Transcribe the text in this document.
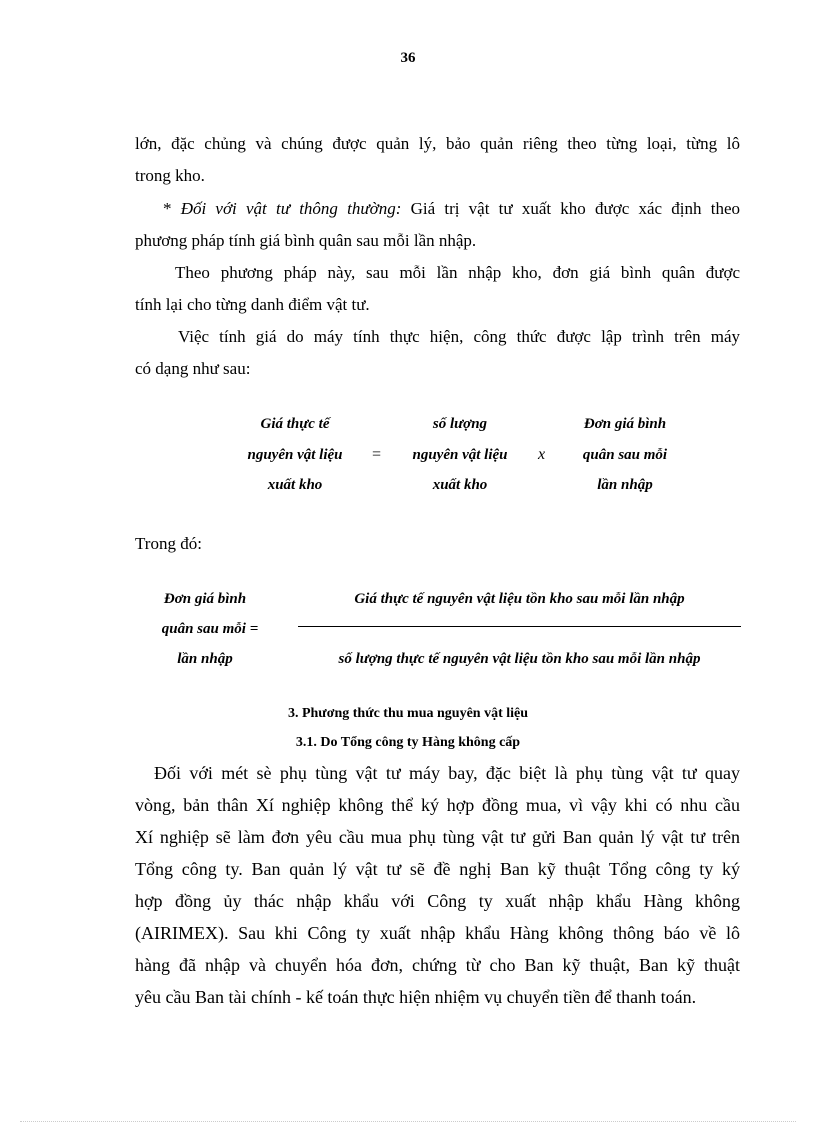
36
lớn, đặc chủng và chúng được quản lý, bảo quản riêng theo từng loại, từng lô
trong kho.
* Đối với vật tư thông thường: Giá trị vật tư xuất kho được xác định theo
phương pháp tính giá bình quân sau mỗi lần nhập.
Theo phương pháp này, sau mỗi lần nhập kho, đơn giá bình quân được
tính lại cho từng danh điểm vật tư.
Việc tính giá do máy tính thực hiện, công thức được lập trình trên máy
có dạng như sau:
Giá thực tế
nguyên vật liệu
xuất kho
=
số lượng
nguyên vật liệu
xuất kho
x
Đơn giá bình
quân sau mỗi
lần nhập
Trong đó:
Đơn giá bình
quân sau mỗi =
lần nhập
Giá thực tế nguyên vật liệu tồn kho sau mỗi lần nhập
số lượng thực tế nguyên vật liệu tồn kho sau mỗi lần nhập
3. Phương thức thu mua nguyên vật liệu
3.1. Do Tổng công ty Hàng không cấp
Đối với mét sè phụ tùng vật tư máy bay, đặc biệt là phụ tùng vật tư quay
vòng, bản thân Xí nghiệp không thể ký hợp đồng mua, vì vậy khi có nhu cầu
Xí nghiệp sẽ làm đơn yêu cầu mua phụ tùng vật tư gửi Ban quản lý vật tư trên
Tổng công ty. Ban quản lý vật tư sẽ đề nghị Ban kỹ thuật Tổng công ty ký
hợp đồng ủy thác nhập khẩu với Công ty xuất nhập khẩu Hàng không
(AIRIMEX). Sau khi Công ty xuất nhập khẩu Hàng không thông báo về lô
hàng đã nhập và chuyển hóa đơn, chứng từ cho Ban kỹ thuật, Ban kỹ thuật
yêu cầu Ban tài chính - kế toán thực hiện nhiệm vụ chuyển tiền để thanh toán.
